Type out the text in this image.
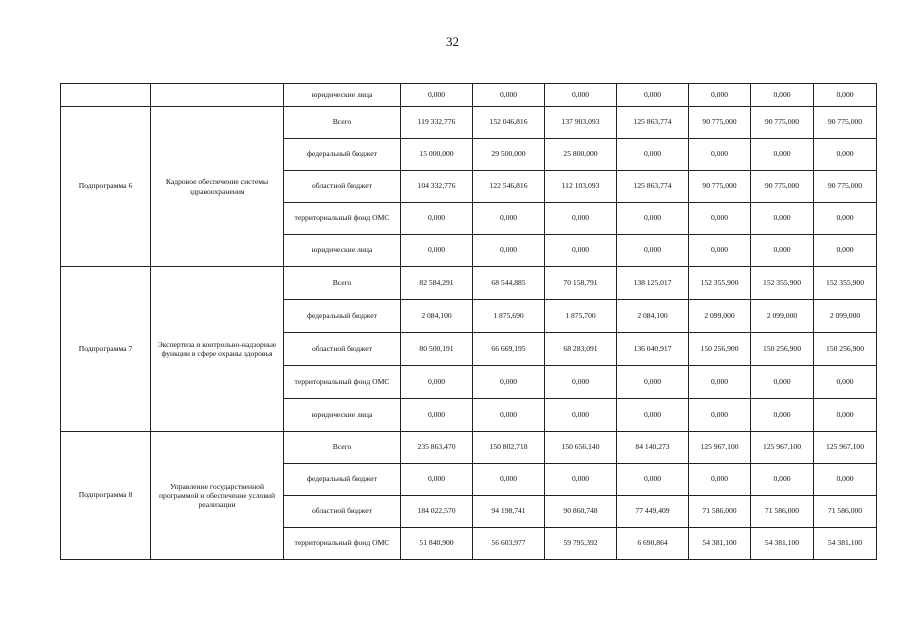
32
		юридические лица	0,000	0,000	0,000	0,000	0,000	0,000	0,000
Подпрограмма 6	Кадровое обеспечение системы здравоохранения	Всего	119 332,776	152 046,816	137 903,093	125 863,774	90 775,000	90 775,000	90 775,000
		федеральный бюджет	15 000,000	29 500,000	25 800,000	0,000	0,000	0,000	0,000
		областной бюджет	104 332,776	122 546,816	112 103,093	125 863,774	90 775,000	90 775,000	90 775,000
		территориальный фонд ОМС	0,000	0,000	0,000	0,000	0,000	0,000	0,000
		юридические лица	0,000	0,000	0,000	0,000	0,000	0,000	0,000
Подпрограмма 7	Экспертиза и контрольно-надзорные функции в сфере охраны здоровья	Всего	82 584,291	68 544,885	70 158,791	138 125,017	152 355,900	152 355,900	152 355,900
		федеральный бюджет	2 084,100	1 875,690	1 875,700	2 084,100	2 099,000	2 099,000	2 099,000
		областной бюджет	80 500,191	66 669,195	68 283,091	136 040,917	150 256,900	150 256,900	150 256,900
		территориальный фонд ОМС	0,000	0,000	0,000	0,000	0,000	0,000	0,000
		юридические лица	0,000	0,000	0,000	0,000	0,000	0,000	0,000
Подпрограмма 8	Управление государственной программой и обеспечение условий реализации	Всего	235 863,470	150 802,718	150 656,140	84 140,273	125 967,100	125 967,100	125 967,100
		федеральный бюджет	0,000	0,000	0,000	0,000	0,000	0,000	0,000
		областной бюджет	184 022,570	94 198,741	90 860,748	77 449,409	71 586,000	71 586,000	71 586,000
		территориальный фонд ОМС	51 840,900	56 603,977	59 795,392	6 690,864	54 381,100	54 381,100	54 381,100
